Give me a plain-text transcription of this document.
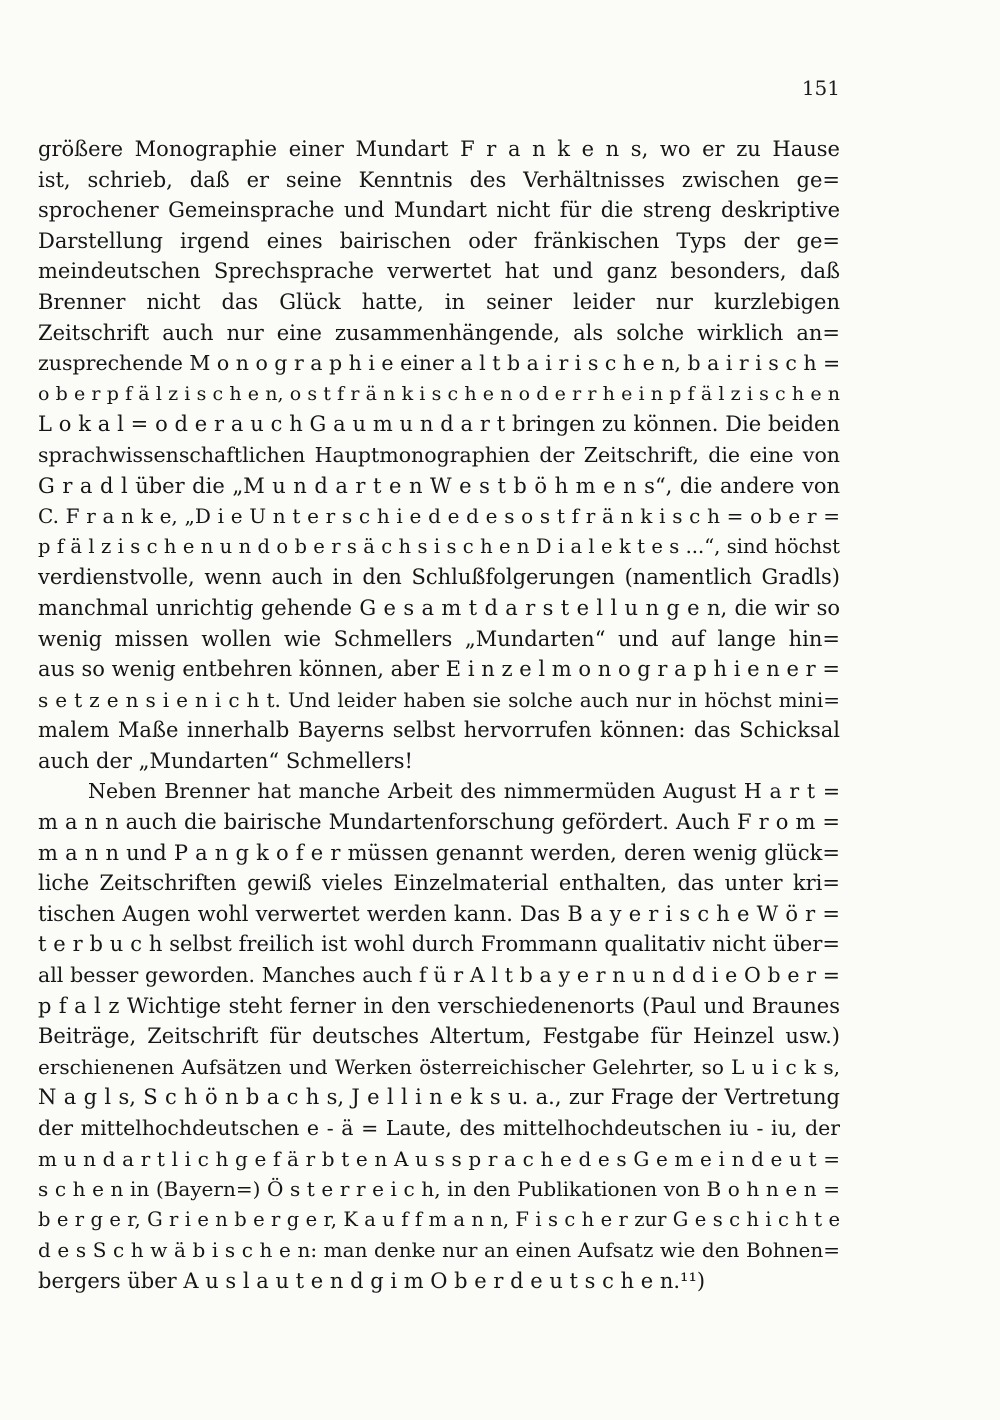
151
größere Monographie einer Mundart F r a n k e n s, wo er zu Hause
ist, schrieb, daß er seine Kenntnis des Verhältnisses zwischen ge=
sprochener Gemeinsprache und Mundart nicht für die streng deskriptive
Darstellung irgend eines bairischen oder fränkischen Typs der ge=
meindeutschen Sprechsprache verwertet hat und ganz besonders, daß
Brenner nicht das Glück hatte, in seiner leider nur kurzlebigen
Zeitschrift auch nur eine zusammenhängende, als solche wirklich an=
zusprechende M o n o g r a p h i e einer a l t b a i r i s c h e n, b a i r i s c h =
o b e r p f ä l z i s c h e n, o s t f r ä n k i s c h e n o d e r r h e i n p f ä l z i s c h e n
L o k a l = o d e r a u c h G a u m u n d a r t bringen zu können. Die beiden
sprachwissenschaftlichen Hauptmonographien der Zeitschrift, die eine von
G r a d l über die „M u n d a r t e n W e s t b ö h m e n s“, die andere von
C. F r a n k e, „D i e U n t e r s c h i e d e d e s o s t f r ä n k i s c h = o b e r =
p f ä l z i s c h e n u n d o b e r s ä c h s i s c h e n D i a l e k t e s ...“, sind höchst
verdienstvolle, wenn auch in den Schlußfolgerungen (namentlich Gradls)
manchmal unrichtig gehende G e s a m t d a r s t e l l u n g e n, die wir so
wenig missen wollen wie Schmellers „Mundarten“ und auf lange hin=
aus so wenig entbehren können, aber E i n z e l m o n o g r a p h i e n e r =
s e t z e n s i e n i c h t. Und leider haben sie solche auch nur in höchst mini=
malem Maße innerhalb Bayerns selbst hervorrufen können: das Schicksal
auch der „Mundarten“ Schmellers!
Neben Brenner hat manche Arbeit des nimmermüden August H a r t =
m a n n auch die bairische Mundartenforschung gefördert. Auch F r o m =
m a n n und P a n g k o f e r müssen genannt werden, deren wenig glück=
liche Zeitschriften gewiß vieles Einzelmaterial enthalten, das unter kri=
tischen Augen wohl verwertet werden kann. Das B a y e r i s c h e W ö r =
t e r b u c h selbst freilich ist wohl durch Frommann qualitativ nicht über=
all besser geworden. Manches auch f ü r A l t b a y e r n u n d d i e O b e r =
p f a l z Wichtige steht ferner in den verschiedenenorts (Paul und Braunes
Beiträge, Zeitschrift für deutsches Altertum, Festgabe für Heinzel usw.)
erschienenen Aufsätzen und Werken österreichischer Gelehrter, so L u i c k s,
N a g l s, S c h ö n b a c h s, J e l l i n e k s u. a., zur Frage der Vertretung
der mittelhochdeutschen e - ä = Laute, des mittelhochdeutschen iu - iu, der
m u n d a r t l i c h g e f ä r b t e n A u s s p r a c h e d e s G e m e i n d e u t =
s c h e n in (Bayern=) Ö s t e r r e i c h, in den Publikationen von B o h n e n =
b e r g e r, G r i e n b e r g e r, K a u f f m a n n, F i s c h e r zur G e s c h i c h t e
d e s S c h w ä b i s c h e n: man denke nur an einen Aufsatz wie den Bohnen=
bergers über A u s l a u t e n d g i m O b e r d e u t s c h e n.¹¹)
